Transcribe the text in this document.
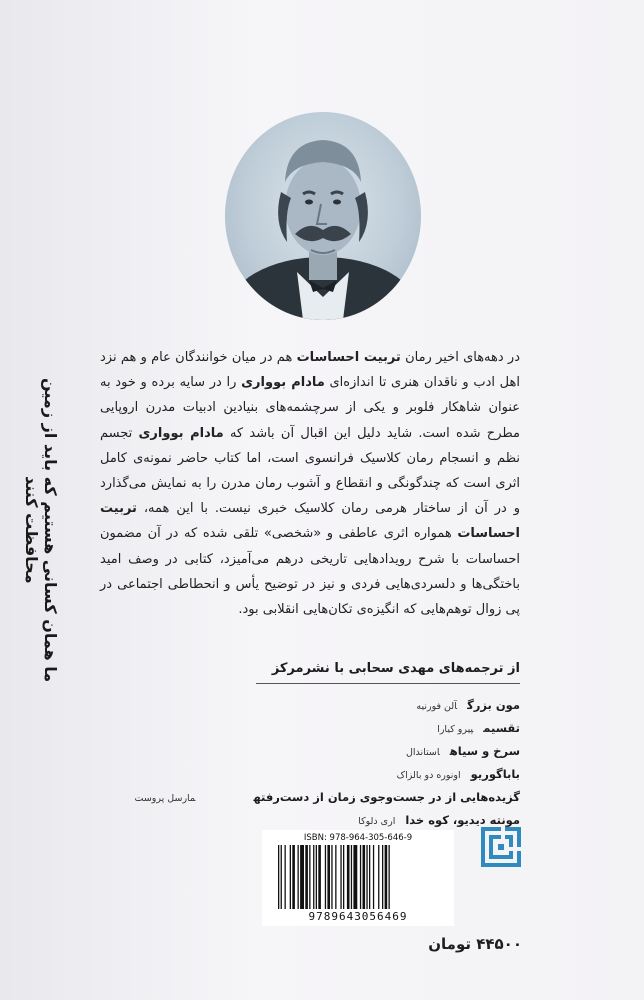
ما همان کسانی هستیم که باید از زمین محافظت کنند
در دهه‌های اخیر رمان تربیت احساسات هم در میان خوانندگان عام و هم نزد اهل ادب و ناقدان هنری تا اندازه‌ای مادام بوواری را در سایه برده و خود به عنوان شاهکار فلوبر و یکی از سرچشمه‌های بنیادین ادبیات مدرن اروپایی مطرح شده است. شاید دلیل این اقبال آن باشد که مادام بوواری تجسم نظم و انسجام رمان کلاسیک فرانسوی است، اما کتاب حاضر نمونه‌ی کامل اثری است که چندگونگی و انقطاع و آشوب رمان مدرن را به نمایش می‌گذارد و در آن از ساختار هرمی رمان کلاسیک خبری نیست. با این همه، تربیت احساسات همواره اثری عاطفی و «شخصی» تلقی شده که در آن مضمون احساسات با شرح رویدادهایی تاریخی درهم می‌آمیزد، کتابی در وصف امید باختگی‌ها و دلسردی‌هایی فردی و نیز در توضیح یأس و انحطاطی اجتماعی در پی زوال توهم‌هایی که انگیزه‌ی تکان‌هایی انقلابی بود.
از ترجمه‌های مهدی سحابی با نشرمرکز
مون بزرگآلن فورنیه
تقسیمپیرو کیارا
سرخ و سیاهاستاندال
باباگوریواونوره دو بالزاک
گزیده‌هایی از در جست‌وجوی زمان از دست‌رفتهمارسل پروست
مونته دیدیو، کوه خدااری دلوکا
ISBN: 978-964-305-646-9
9789643056469
۴۴۵۰۰ تومان
